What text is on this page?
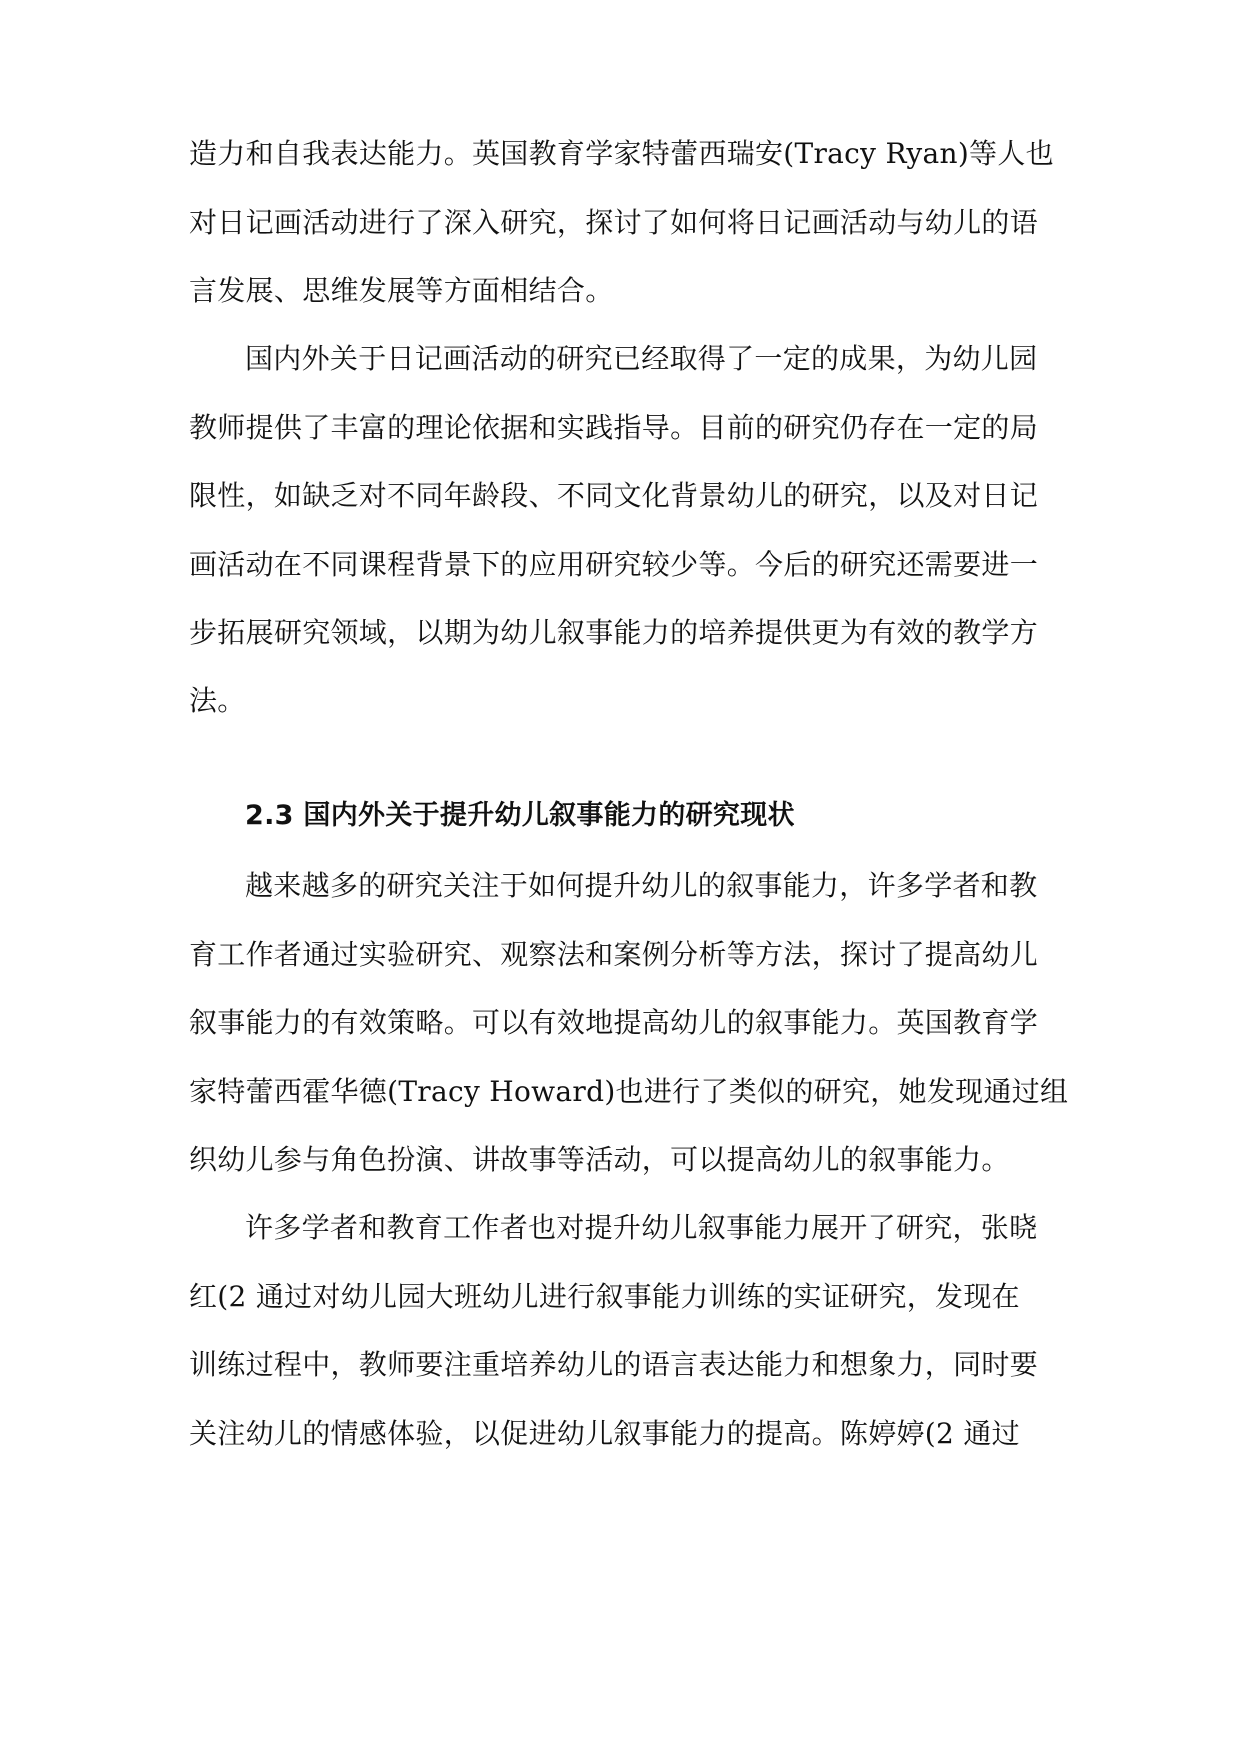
造力和自我表达能力。英国教育学家特蕾西瑞安(Tracy Ryan)等人也
对日记画活动进行了深入研究，探讨了如何将日记画活动与幼儿的语
言发展、思维发展等方面相结合。
国内外关于日记画活动的研究已经取得了一定的成果，为幼儿园
教师提供了丰富的理论依据和实践指导。目前的研究仍存在一定的局
限性，如缺乏对不同年龄段、不同文化背景幼儿的研究，以及对日记
画活动在不同课程背景下的应用研究较少等。今后的研究还需要进一
步拓展研究领域，以期为幼儿叙事能力的培养提供更为有效的教学方
法。
2.3 国内外关于提升幼儿叙事能力的研究现状
越来越多的研究关注于如何提升幼儿的叙事能力，许多学者和教
育工作者通过实验研究、观察法和案例分析等方法，探讨了提高幼儿
叙事能力的有效策略。可以有效地提高幼儿的叙事能力。英国教育学
家特蕾西霍华德(Tracy Howard)也进行了类似的研究，她发现通过组
织幼儿参与角色扮演、讲故事等活动，可以提高幼儿的叙事能力。
许多学者和教育工作者也对提升幼儿叙事能力展开了研究，张晓
红(2 通过对幼儿园大班幼儿进行叙事能力训练的实证研究，发现在
训练过程中，教师要注重培养幼儿的语言表达能力和想象力，同时要
关注幼儿的情感体验，以促进幼儿叙事能力的提高。陈婷婷(2 通过
